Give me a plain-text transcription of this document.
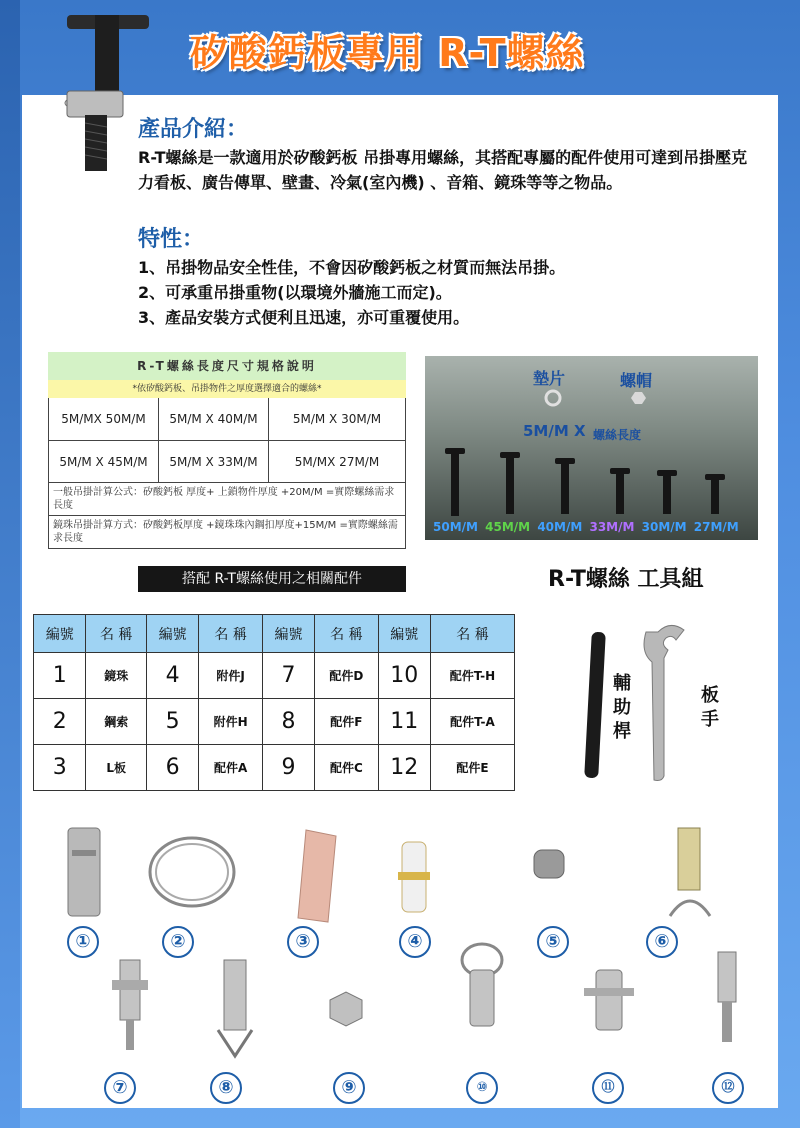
矽酸鈣板專用 R-T螺絲
產品介紹：
R-T螺絲是一款適用於矽酸鈣板 吊掛專用螺絲，其搭配專屬的配件使用可達到吊掛壓克力看板、廣告傳單、壁畫、冷氣(室內機) 、音箱、鏡珠等等之物品。
特性：
1、吊掛物品安全性佳，不會因矽酸鈣板之材質而無法吊掛。
2、可承重吊掛重物(以環境外牆施工而定)。
3、產品安裝方式便利且迅速，亦可重覆使用。
R-T螺絲長度尺寸規格說明
*依矽酸鈣板、吊掛物件之厚度選擇適合的螺絲*
5M/MX 50M/M	5M/M X 40M/M	5M/M X 30M/M
5M/M X 45M/M	5M/M X 33M/M	5M/MX 27M/M
一般吊掛計算公式：矽酸鈣板 厚度+ 上鎖物件厚度 +20M/M =實際螺絲需求長度
鏡珠吊掛計算方式：矽酸鈣板厚度 +鏡珠珠內鋼扣厚度+15M/M =實際螺絲需求長度
墊片	螺帽
5M/M X 螺絲長度
50M/M 45M/M 40M/M 33M/M 30M/M 27M/M
搭配 R-T螺絲使用之相關配件	R-T螺絲 工具組
編號	名 稱	編號	名 稱	編號	名 稱	編號	名 稱
1	鏡珠	4	附件J	7	配件D	10	配件T-H
2	鋼索	5	附件H	8	配件F	11	配件T-A
3	L板	6	配件A	9	配件C	12	配件E
輔助桿
板手
①	②	③	④	⑤	⑥
⑦	⑧	⑨	⑩	⑪	⑫
